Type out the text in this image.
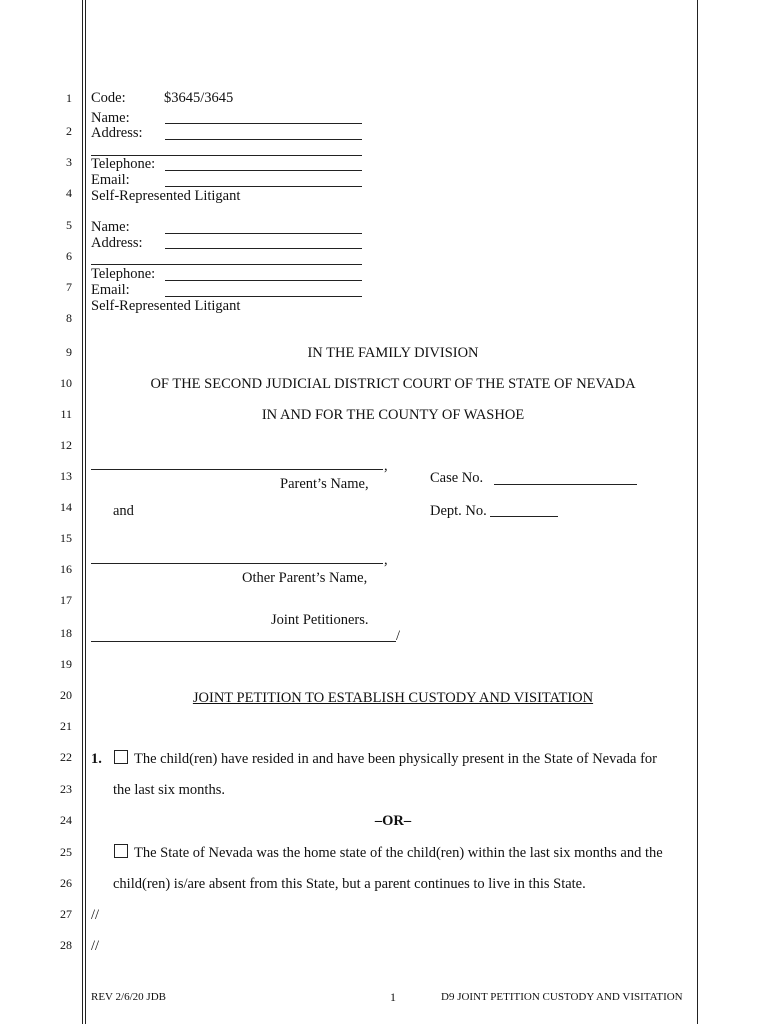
1
2
3
4
5
6
7
8
9
10
11
12
13
14
15
16
17
18
19
20
21
22
23
24
25
26
27
28
Code:	$3645/3645
Name:
Address:
Telephone:
Email:
Self-Represented Litigant
Name:
Address:
Telephone:
Email:
Self-Represented Litigant
IN THE FAMILY DIVISION
OF THE SECOND JUDICIAL DISTRICT COURT OF THE STATE OF NEVADA
IN AND FOR THE COUNTY OF WASHOE
,
Parent’s Name,
and
,
Other Parent’s Name,
Joint Petitioners.
/
Case No.
Dept. No.
JOINT PETITION TO ESTABLISH CUSTODY AND VISITATION
1. The child(ren) have resided in and have been physically present in the State of Nevada for
the last six months.
–OR–
The State of Nevada was the home state of the child(ren) within the last six months and the
child(ren) is/are absent from this State, but a parent continues to live in this State.
//
//
REV 2/6/20 JDB	1	D9 JOINT PETITION CUSTODY AND VISITATION
